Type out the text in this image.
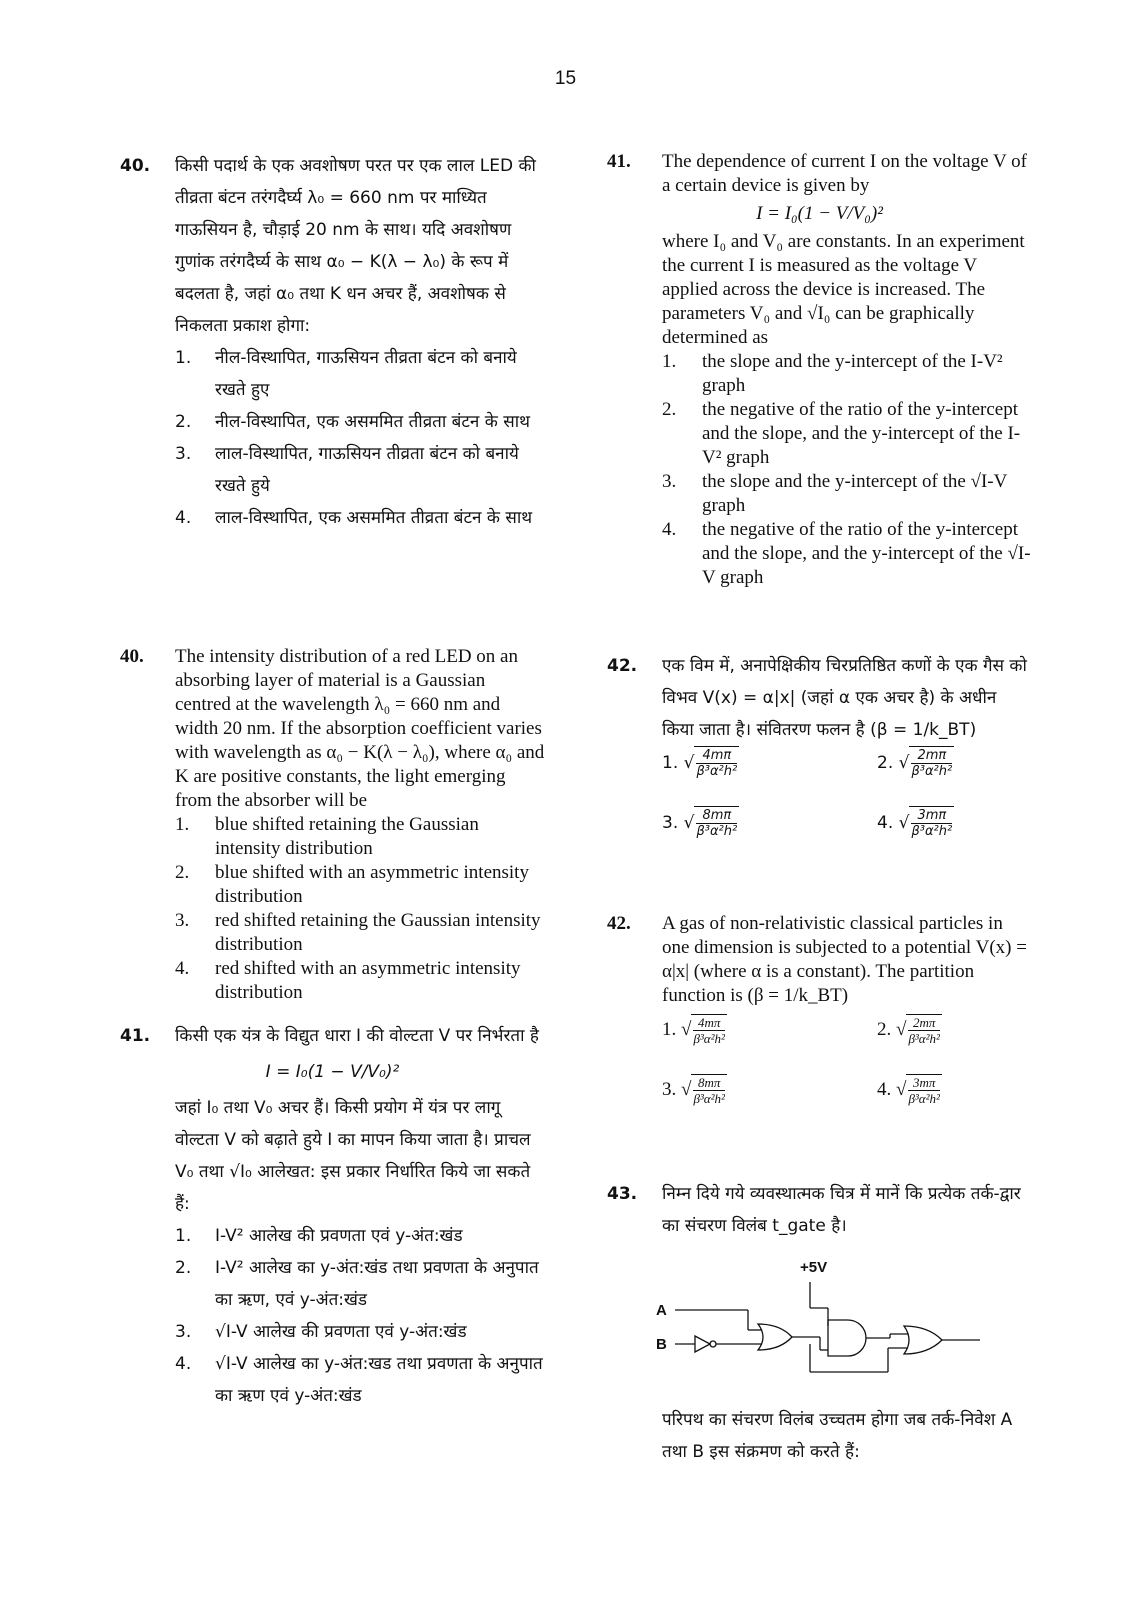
15
40. किसी पदार्थ के एक अवशोषण परत पर एक लाल LED की तीव्रता बंटन तरंगदैर्घ्य λ₀ = 660 nm पर माध्यित गाऊसियन है, चौड़ाई 20 nm के साथ। यदि अवशोषण गुणांक तरंगदैर्घ्य के साथ α₀ − K(λ − λ₀) के रूप में बदलता है, जहां α₀ तथा K धन अचर हैं, अवशोषक से निकलता प्रकाश होगा:
1. नील-विस्थापित, गाऊसियन तीव्रता बंटन को बनाये रखते हुए
2. नील-विस्थापित, एक असममित तीव्रता बंटन के साथ
3. लाल-विस्थापित, गाऊसियन तीव्रता बंटन को बनाये रखते हुये
4. लाल-विस्थापित, एक असममित तीव्रता बंटन के साथ
40. The intensity distribution of a red LED on an absorbing layer of material is a Gaussian centred at the wavelength λ₀ = 660 nm and width 20 nm. If the absorption coefficient varies with wavelength as α₀ − K(λ − λ₀), where α₀ and K are positive constants, the light emerging from the absorber will be
1. blue shifted retaining the Gaussian intensity distribution
2. blue shifted with an asymmetric intensity distribution
3. red shifted retaining the Gaussian intensity distribution
4. red shifted with an asymmetric intensity distribution
41. किसी एक यंत्र के विद्युत धारा I की वोल्टता V पर निर्भरता है
I = I₀(1 − V/V₀)²
जहां I₀ तथा V₀ अचर हैं। किसी प्रयोग में यंत्र पर लागू वोल्टता V को बढ़ाते हुये I का मापन किया जाता है। प्राचल V₀ तथा √I₀ आलेखत: इस प्रकार निर्धारित किये जा सकते हैं:
1. I-V² आलेख की प्रवणता एवं y-अंत:खंड
2. I-V² आलेख का y-अंत:खंड तथा प्रवणता के अनुपात का ऋण, एवं y-अंत:खंड
3. √I-V आलेख की प्रवणता एवं y-अंत:खंड
4. √I-V आलेख का y-अंत:खड तथा प्रवणता के अनुपात का ऋण एवं y-अंत:खंड
41. The dependence of current I on the voltage V of a certain device is given by
I = I₀(1 − V/V₀)²
where I₀ and V₀ are constants. In an experiment the current I is measured as the voltage V applied across the device is increased. The parameters V₀ and √I₀ can be graphically determined as
1. the slope and the y-intercept of the I-V² graph
2. the negative of the ratio of the y-intercept and the slope, and the y-intercept of the I-V² graph
3. the slope and the y-intercept of the √I-V graph
4. the negative of the ratio of the y-intercept and the slope, and the y-intercept of the √I-V graph
42. एक विम में, अनापेक्षिकीय चिरप्रतिष्ठित कणों के एक गैस को विभव V(x) = α|x| (जहां α एक अचर है) के अधीन किया जाता है। संवितरण फलन है (β = 1/k_BT)
1. √ $\frac{4m\pi}{\text{β³α²h²}}$	2. √ $\frac{2m\pi}{\text{β³α²h²}}$
3. √ $\frac{8m\pi}{\text{β³α²h²}}$	4. √ $\frac{3m\pi}{\text{β³α²h²}}$
42. A gas of non-relativistic classical particles in one dimension is subjected to a potential V(x) = α|x| (where α is a constant). The partition function is (β = 1/k_BT)
1. √ $\frac{4m\pi}{\text{β³α²h²}}$	2. √ $\frac{2m\pi}{\text{β³α²h²}}$
3. √ $\frac{8m\pi}{\text{β³α²h²}}$	4. √ $\frac{3m\pi}{\text{β³α²h²}}$
43. निम्न दिये गये व्यवस्थात्मक चित्र में मानें कि प्रत्येक तर्क-द्वार का संचरण विलंब t_gate है।
+5V
A
B
परिपथ का संचरण विलंब उच्चतम होगा जब तर्क-निवेश A तथा B इस संक्रमण को करते हैं:
